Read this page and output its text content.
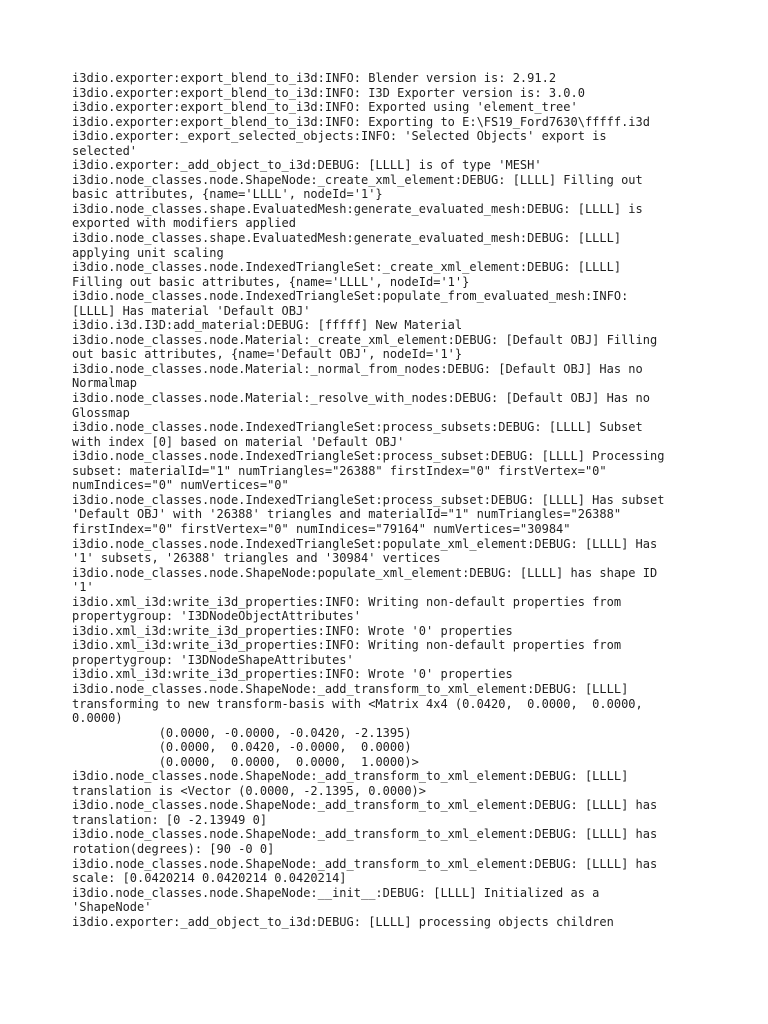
i3dio.exporter:export_blend_to_i3d:INFO: Blender version is: 2.91.2

i3dio.exporter:export_blend_to_i3d:INFO: I3D Exporter version is: 3.0.0

i3dio.exporter:export_blend_to_i3d:INFO: Exported using 'element_tree'

i3dio.exporter:export_blend_to_i3d:INFO: Exporting to E:\FS19_Ford7630\fffff.i3d

i3dio.exporter:_export_selected_objects:INFO: 'Selected Objects' export is
selected'

i3dio.exporter:_add_object_to_i3d:DEBUG: [LLLL] is of type 'MESH'

i3dio.node_classes.node.ShapeNode:_create_xml_element:DEBUG: [LLLL] Filling out
basic attributes, {name='LLLL', nodeId='1'}

i3dio.node_classes.shape.EvaluatedMesh:generate_evaluated_mesh:DEBUG: [LLLL] is
exported with modifiers applied

i3dio.node_classes.shape.EvaluatedMesh:generate_evaluated_mesh:DEBUG: [LLLL]
applying unit scaling

i3dio.node_classes.node.IndexedTriangleSet:_create_xml_element:DEBUG: [LLLL]
Filling out basic attributes, {name='LLLL', nodeId='1'}

i3dio.node_classes.node.IndexedTriangleSet:populate_from_evaluated_mesh:INFO:
[LLLL] Has material 'Default OBJ'

i3dio.i3d.I3D:add_material:DEBUG: [fffff] New Material

i3dio.node_classes.node.Material:_create_xml_element:DEBUG: [Default OBJ] Filling
out basic attributes, {name='Default OBJ', nodeId='1'}

i3dio.node_classes.node.Material:_normal_from_nodes:DEBUG: [Default OBJ] Has no
Normalmap

i3dio.node_classes.node.Material:_resolve_with_nodes:DEBUG: [Default OBJ] Has no
Glossmap

i3dio.node_classes.node.IndexedTriangleSet:process_subsets:DEBUG: [LLLL] Subset
with index [0] based on material 'Default OBJ'

i3dio.node_classes.node.IndexedTriangleSet:process_subset:DEBUG: [LLLL] Processing
subset: materialId="1" numTriangles="26388" firstIndex="0" firstVertex="0"
numIndices="0" numVertices="0"

i3dio.node_classes.node.IndexedTriangleSet:process_subset:DEBUG: [LLLL] Has subset
'Default OBJ' with '26388' triangles and materialId="1" numTriangles="26388"
firstIndex="0" firstVertex="0" numIndices="79164" numVertices="30984"

i3dio.node_classes.node.IndexedTriangleSet:populate_xml_element:DEBUG: [LLLL] Has
'1' subsets, '26388' triangles and '30984' vertices

i3dio.node_classes.node.ShapeNode:populate_xml_element:DEBUG: [LLLL] has shape ID
'1'

i3dio.xml_i3d:write_i3d_properties:INFO: Writing non-default properties from
propertygroup: 'I3DNodeObjectAttributes'

i3dio.xml_i3d:write_i3d_properties:INFO: Wrote '0' properties

i3dio.xml_i3d:write_i3d_properties:INFO: Writing non-default properties from
propertygroup: 'I3DNodeShapeAttributes'

i3dio.xml_i3d:write_i3d_properties:INFO: Wrote '0' properties

i3dio.node_classes.node.ShapeNode:_add_transform_to_xml_element:DEBUG: [LLLL]
transforming to new transform-basis with <Matrix 4x4 (0.0420,  0.0000,  0.0000,
0.0000)
(0.0000, -0.0000, -0.0420, -2.1395)
(0.0000,  0.0420, -0.0000,  0.0000)
(0.0000,  0.0000,  0.0000,  1.0000)>

i3dio.node_classes.node.ShapeNode:_add_transform_to_xml_element:DEBUG: [LLLL]
translation is <Vector (0.0000, -2.1395, 0.0000)>

i3dio.node_classes.node.ShapeNode:_add_transform_to_xml_element:DEBUG: [LLLL] has
translation: [0 -2.13949 0]

i3dio.node_classes.node.ShapeNode:_add_transform_to_xml_element:DEBUG: [LLLL] has
rotation(degrees): [90 -0 0]

i3dio.node_classes.node.ShapeNode:_add_transform_to_xml_element:DEBUG: [LLLL] has
scale: [0.0420214 0.0420214 0.0420214]

i3dio.node_classes.node.ShapeNode:__init__:DEBUG: [LLLL] Initialized as a
'ShapeNode'

i3dio.exporter:_add_object_to_i3d:DEBUG: [LLLL] processing objects children
